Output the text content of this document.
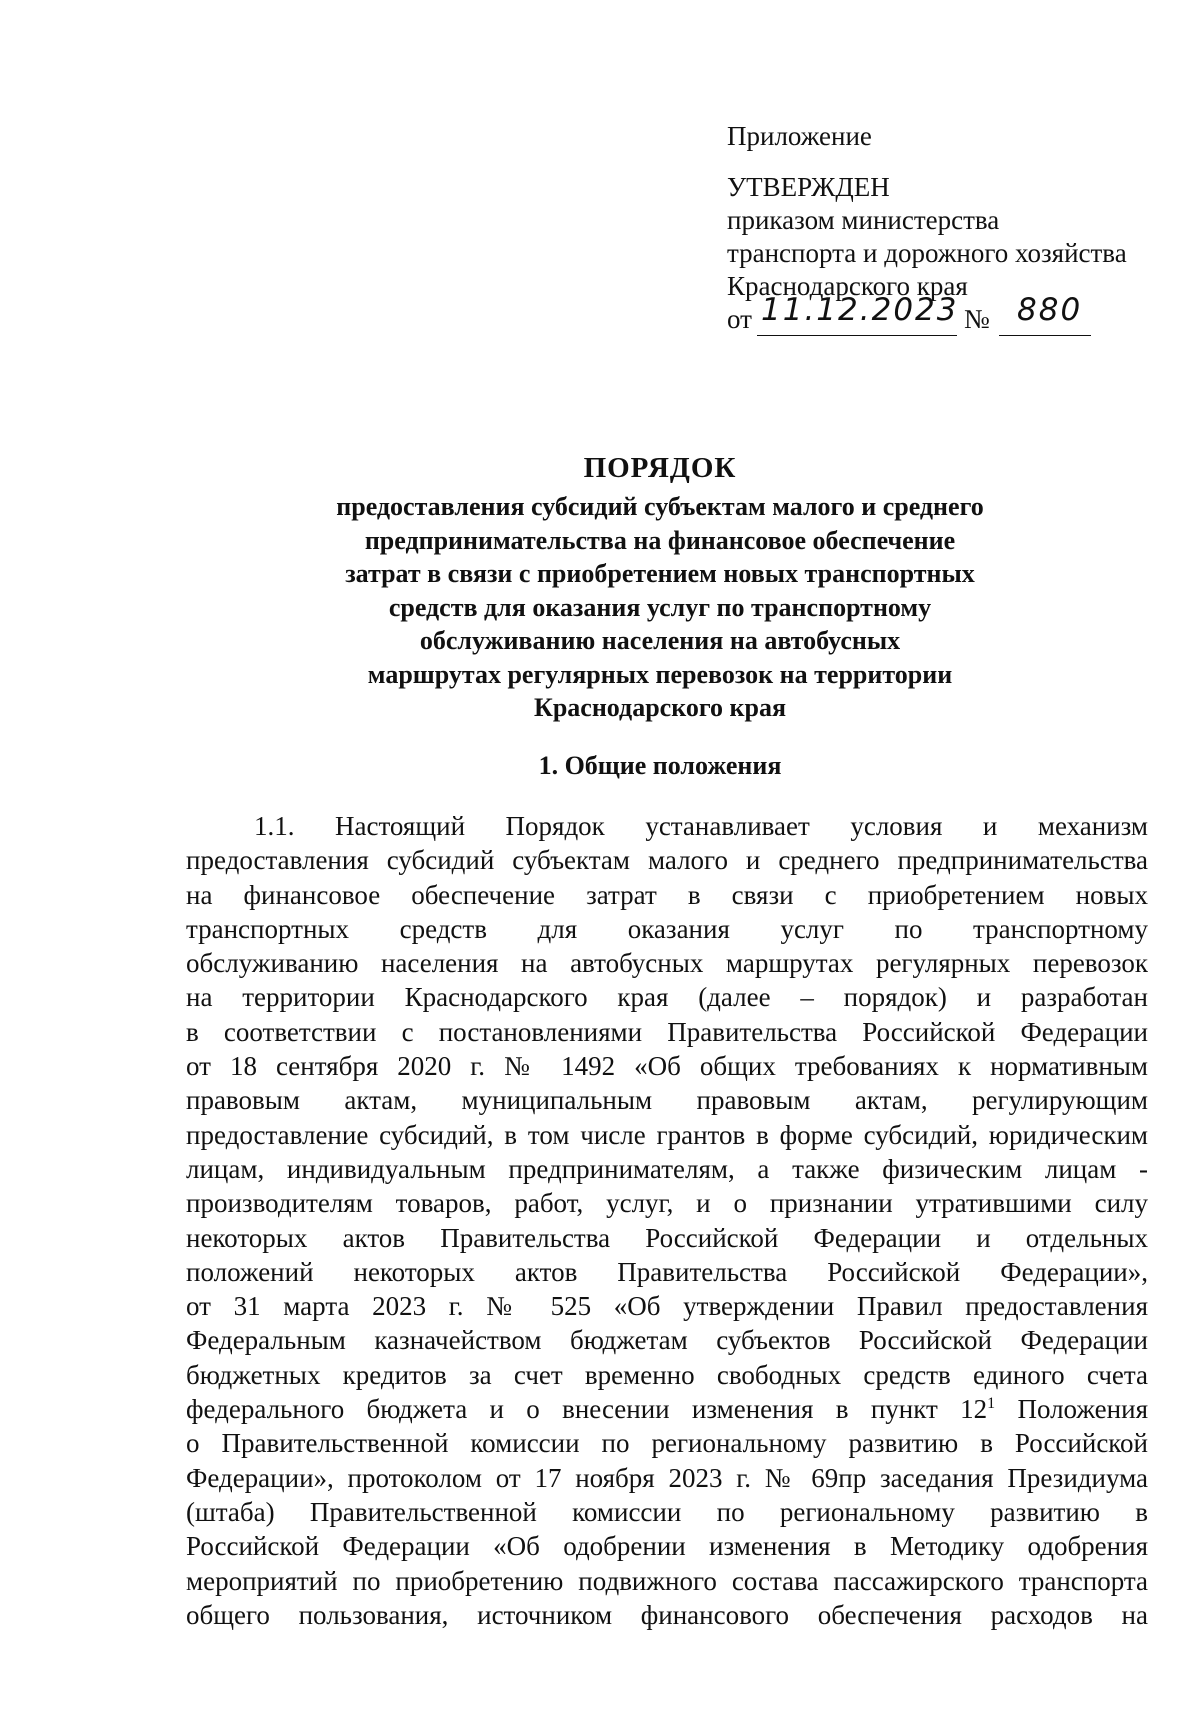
Приложение
УТВЕРЖДЕН
приказом министерства
транспорта и дорожного хозяйства
Краснодарского края
от 11.12.2023 № 880
ПОРЯДОК
предоставления субсидий субъектам малого и среднего
предпринимательства на финансовое обеспечение
затрат в связи с приобретением новых транспортных
средств для оказания услуг по транспортному
обслуживанию населения на автобусных
маршрутах регулярных перевозок на территории
Краснодарского края
1. Общие положения
1.1. Настоящий Порядок устанавливает условия и механизм
предоставления субсидий субъектам малого и среднего предпринимательства
на финансовое обеспечение затрат в связи с приобретением новых
транспортных средств для оказания услуг по транспортному
обслуживанию населения на автобусных маршрутах регулярных перевозок
на территории Краснодарского края (далее – порядок) и разработан
в соответствии с постановлениями Правительства Российской Федерации
от 18 сентября 2020 г. № 1492 «Об общих требованиях к нормативным
правовым актам, муниципальным правовым актам, регулирующим
предоставление субсидий, в том числе грантов в форме субсидий, юридическим
лицам, индивидуальным предпринимателям, а также физическим лицам -
производителям товаров, работ, услуг, и о признании утратившими силу
некоторых актов Правительства Российской Федерации и отдельных
положений некоторых актов Правительства Российской Федерации»,
от 31 марта 2023 г. № 525 «Об утверждении Правил предоставления
Федеральным казначейством бюджетам субъектов Российской Федерации
бюджетных кредитов за счет временно свободных средств единого счета
федерального бюджета и о внесении изменения в пункт $12^1$ Положения
о Правительственной комиссии по региональному развитию в Российской
Федерации», протоколом от 17 ноября 2023 г. № 69пр заседания Президиума
(штаба) Правительственной комиссии по региональному развитию в
Российской Федерации «Об одобрении изменения в Методику одобрения
мероприятий по приобретению подвижного состава пассажирского транспорта
общего пользования, источником финансового обеспечения расходов на
